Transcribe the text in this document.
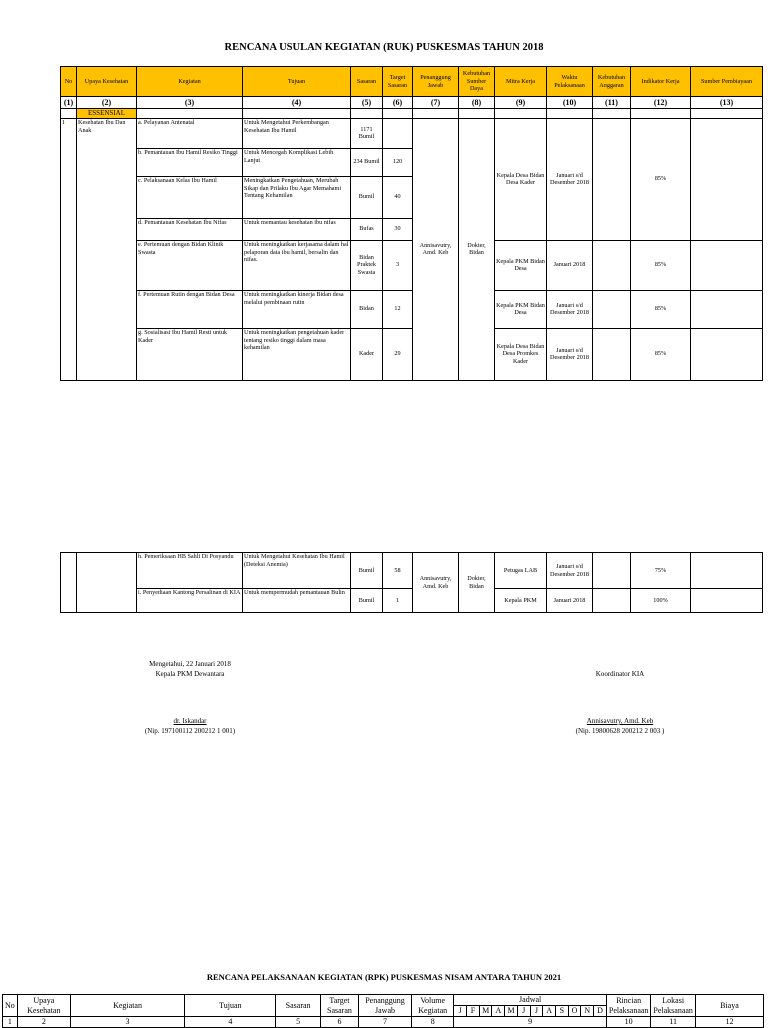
RENCANA USULAN KEGIATAN (RUK) PUSKESMAS TAHUN 2018
No	Upaya Kesehatan	Kegiatan	Tujuan	Sasaran	Target Sasaran	Penanggung Jawab	Kebutuhan Sumber Daya	Mitra Kerja	Waktu Pelaksanaan	Kebutuhan Anggaran	Indikator Kerja	Sumber Pembiayaan
(1)	(2)	(3)	(4)	(5)	(6)	(7)	(8)	(9)	(10)	(11)	(12)	(13)
	ESSENSIAL											
1	Kesehatan Ibu Dan Anak	a. Pelayanan Antenatal	Untuk Mengetahui Perkembangan Kesehatan Ibu Hamil	1171 Bumil		Annisavutry, Amd. Keb	Dokter, Bidan	Kepala Desa Bidan Desa Kader	Januari s/d Desember 2018		85%	
		b. Pemantauan Ibu Hamil Resiko Tinggi	Untuk Mencegah Komplikasi Lebih Lanjut	234 Bumil	120							
		c. Pelaksanaan Kelas Ibu Hamil	Meningkatkan Pengetahuan, Merubah Sikap dan Prilaku Ibu Agar Memahami Tentang Kehamilan	Bumil	40							
		d. Pemantauan Kesehatan Ibu Nifas	Untuk memantau kesehatan ibu nifas	Bufas	30							
		e. Pertemuan dengan Bidan Klinik Swasta	Untuk meningkatkan kerjasama dalam hal pelaporan data ibu hamil, bersalin dan nifas.	Bidan Praktek Swasta	3			Kepala PKM Bidan Desa	Januari 2018		85%	
		f. Pertemuan Rutin dengan Bidan Desa	Untuk meningkatkan kinerja Bidan desa melalui pembinaan rutin	Bidan	12			Kepala PKM Bidan Desa	Januari s/d Desember 2018		85%	
		g. Sosialisasi Ibu Hamil Resti untuk Kader	Untuk meningkatkan pengetahuan kader tentang resiko tinggi dalam masa kehamilan	Kader	29			Kepala Desa Bidan Desa Promkes Kader	Januari s/d Desember 2018		85%	
		h. Pemeriksaan HB Sahli Di Posyandu	Untuk Mengetahui Kesehatan Ibu Hamil (Deteksi Anemia)	Bumil	58	Annisavutry, Amd. Keb	Dokter, Bidan	Petugas LAB	Januari s/d Desember 2018		75%	
		i. Penyediaan Kantong Persalinan di KIA	Untuk mempermudah pemantauan Bulin	Bumil	1			Kepala PKM	Januari 2018		100%	
Mengetahui, 22 Januari 2018
Kepala PKM Dewantara	Koordinator KIA
dr. Iskandar
(Nip. 197100112 200212 1 001)
Annisavutry, Amd. Keb
(Nip. 19800628 200212 2 003 )
RENCANA PELAKSANAAN KEGIATAN (RPK) PUSKESMAS NISAM ANTARA TAHUN 2021
No	Upaya Kesehatan	Kegiatan	Tujuan	Sasaran	Target Sasaran	Penanggung Jawab	Volume Kegiatan	Jadwal												Rincian Pelaksanaan	Lokasi Pelaksanaan	Biaya
								J	F	M	A	M	J	J	A	S	O	N	D			
1	2	3	4	5	6	7	8	9												10	11	12
